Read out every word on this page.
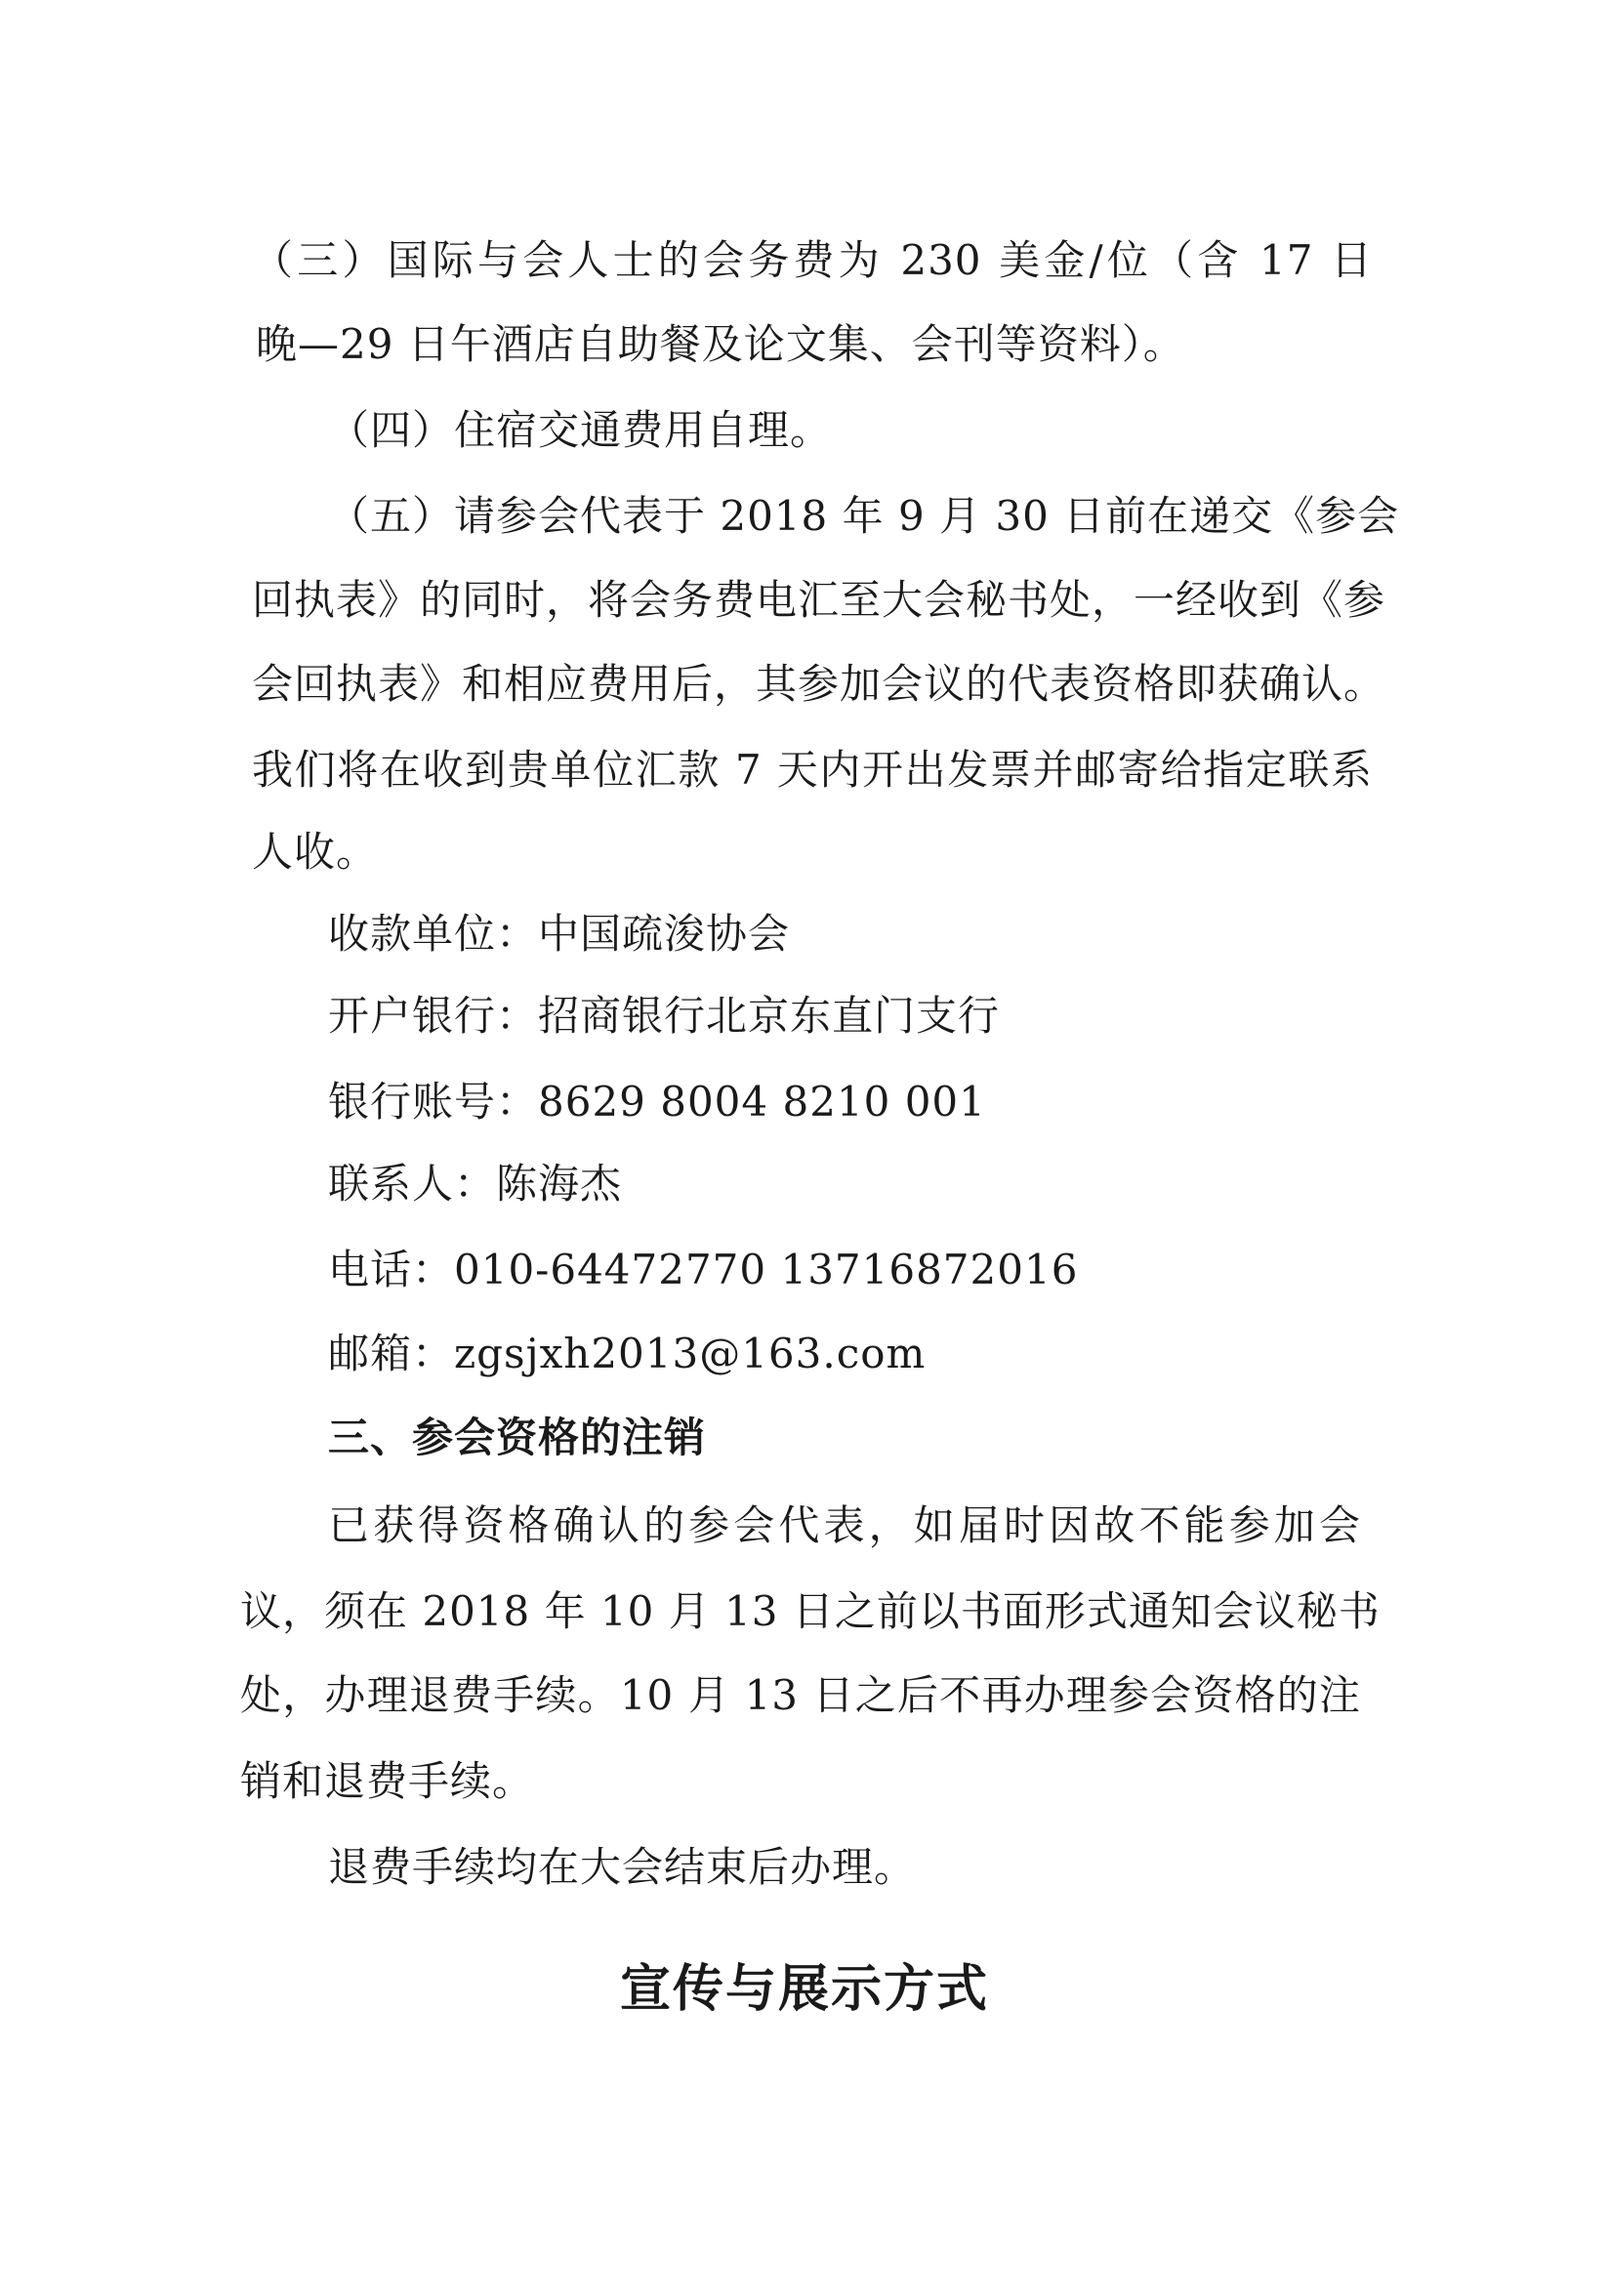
（三）国际与会人士的会务费为 230 美金/位（含 17 日
晚—29 日午酒店自助餐及论文集、会刊等资料）。
（四）住宿交通费用自理。
（五）请参会代表于 2018 年 9 月 30 日前在递交《参会
回执表》的同时，将会务费电汇至大会秘书处，一经收到《参
会回执表》和相应费用后，其参加会议的代表资格即获确认。
我们将在收到贵单位汇款 7 天内开出发票并邮寄给指定联系
人收。
收款单位：中国疏浚协会
开户银行：招商银行北京东直门支行
银行账号：8629 8004 8210 001
联系人：陈海杰
电话：010-64472770 13716872016
邮箱：zgsjxh2013@163.com
三、参会资格的注销
已获得资格确认的参会代表，如届时因故不能参加会
议，须在 2018 年 10 月 13 日之前以书面形式通知会议秘书
处，办理退费手续。10 月 13 日之后不再办理参会资格的注
销和退费手续。
退费手续均在大会结束后办理。
宣传与展示方式
